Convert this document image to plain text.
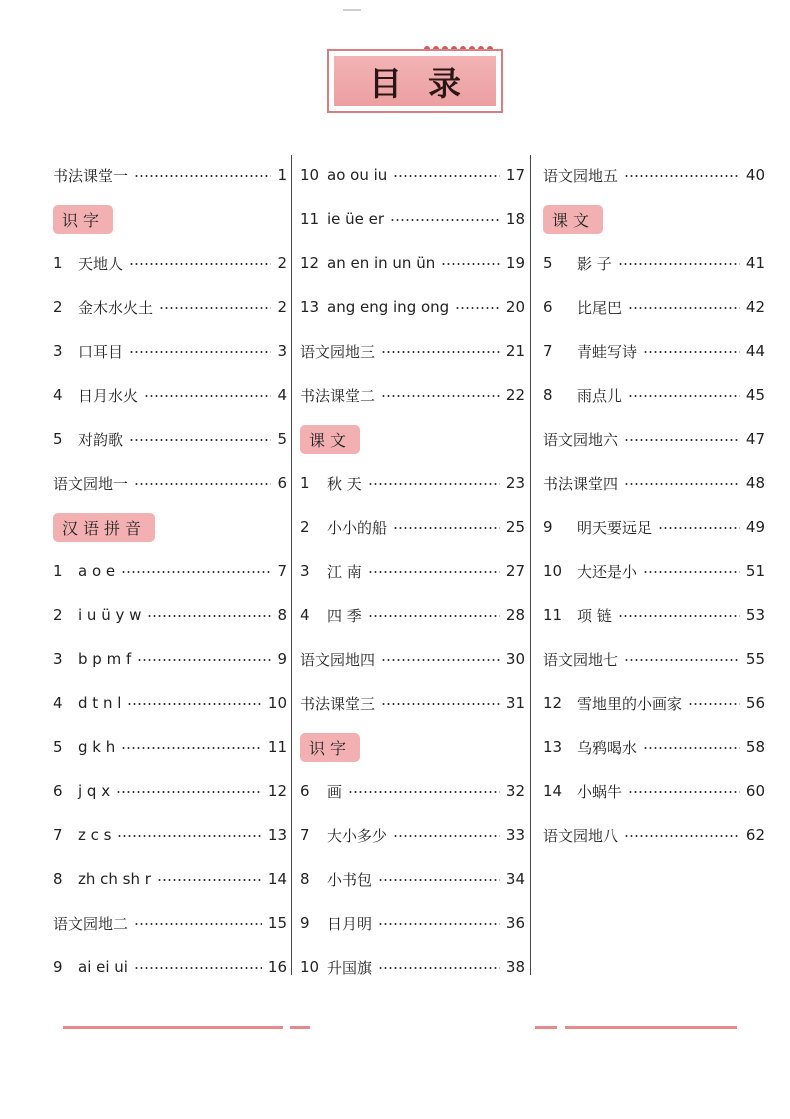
目录
书法课堂一	1
识字
1	天地人	2
2	金木水火土	2
3	口耳目	3
4	日月水火	4
5	对韵歌	5
语文园地一	6
汉语拼音
1	a o e	7
2	i u ü y w	8
3	b p m f	9
4	d t n l	10
5	g k h	11
6	j q x	12
7	z c s	13
8	zh ch sh r	14
语文园地二	15
9	ai ei ui	16
10 ao ou iu	17
11 ie üe er	18
12 an en in un ün	19
13 ang eng ing ong	20
语文园地三	21
书法课堂二	22
课文
1	秋 天	23
2	小小的船	25
3	江 南	27
4	四 季	28
语文园地四	30
书法课堂三	31
识字
6	画	32
7	大小多少	33
8	小书包	34
9	日月明	36
10 升国旗	38
语文园地五	40
课文
5	影 子	41
6	比尾巴	42
7	青蛙写诗	44
8	雨点儿	45
语文园地六	47
书法课堂四	48
9	明天要远足	49
10 大还是小	51
11 项 链	53
语文园地七	55
12 雪地里的小画家	56
13 乌鸦喝水	58
14 小蜗牛	60
语文园地八	62
